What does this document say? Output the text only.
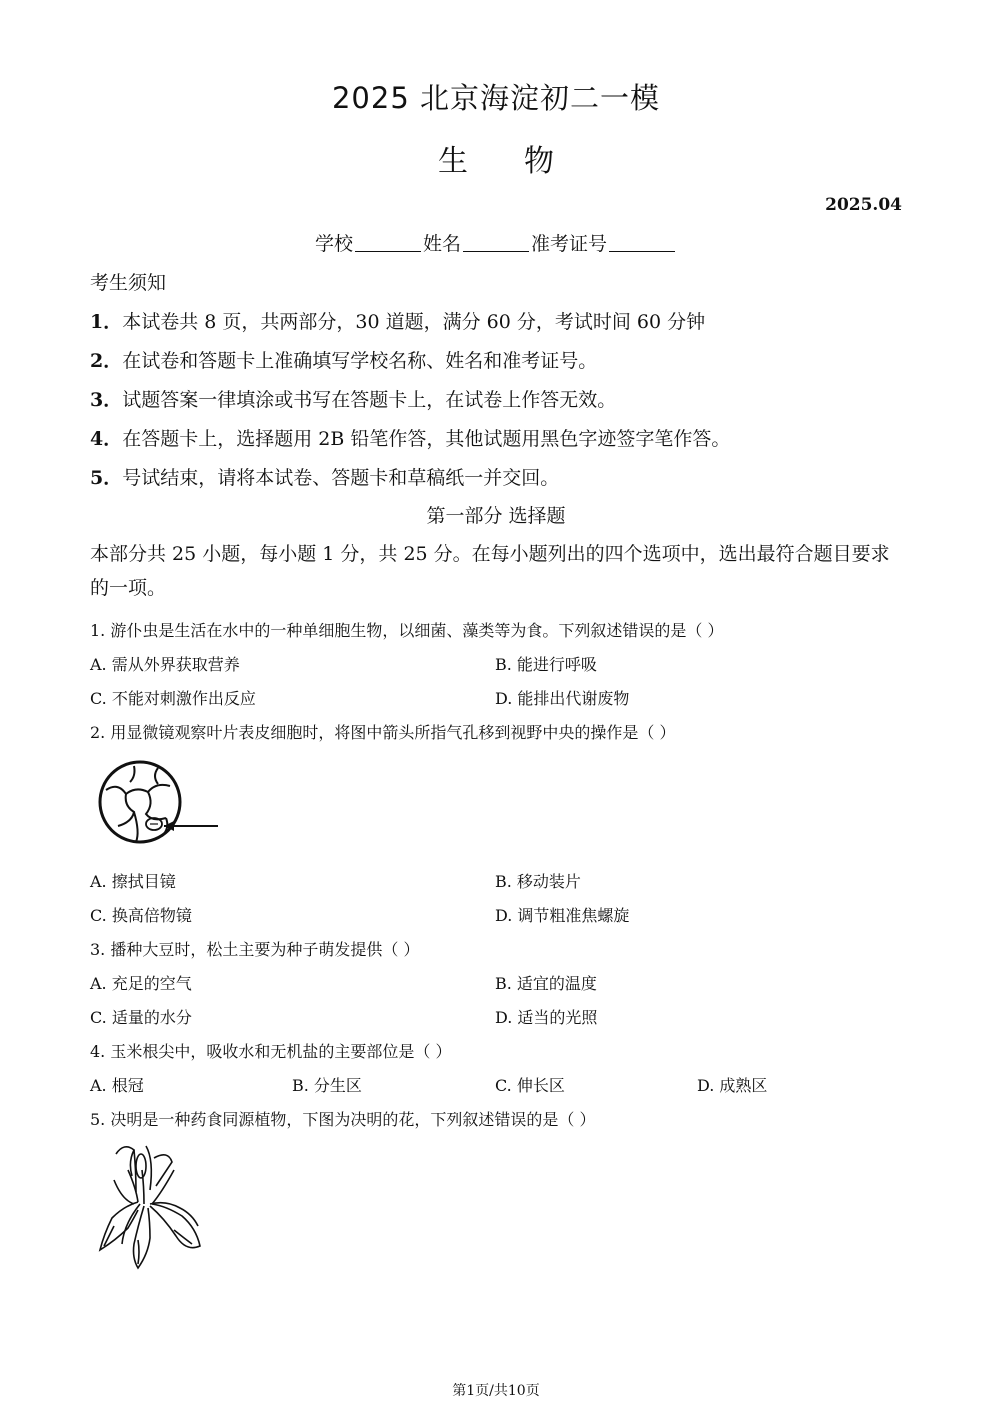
2025 北京海淀初二一模
生物
2025.04
学校	姓名	准考证号
考生须知
1．本试卷共 8 页，共两部分，30 道题，满分 60 分，考试时间 60 分钟
2．在试卷和答题卡上准确填写学校名称、姓名和准考证号。
3．试题答案一律填涂或书写在答题卡上，在试卷上作答无效。
4．在答题卡上，选择题用 2B 铅笔作答，其他试题用黑色字迹签字笔作答。
5．号试结束，请将本试卷、答题卡和草稿纸一并交回。
第一部分 选择题
本部分共 25 小题，每小题 1 分，共 25 分。在每小题列出的四个选项中，选出最符合题目要求的一项。
1. 游仆虫是生活在水中的一种单细胞生物，以细菌、藻类等为食。下列叙述错误的是（ ）
A. 需从外界获取营养	B. 能进行呼吸
C. 不能对刺激作出反应	D. 能排出代谢废物
2. 用显微镜观察叶片表皮细胞时，将图中箭头所指气孔移到视野中央的操作是（ ）
A. 擦拭目镜	B. 移动装片
C. 换高倍物镜	D. 调节粗准焦螺旋
3. 播种大豆时，松土主要为种子萌发提供（ ）
A. 充足的空气	B. 适宜的温度
C. 适量的水分	D. 适当的光照
4. 玉米根尖中，吸收水和无机盐的主要部位是（ ）
A. 根冠	B. 分生区	C. 伸长区	D. 成熟区
5. 决明是一种药食同源植物，下图为决明的花，下列叙述错误的是（ ）
第1页/共10页
